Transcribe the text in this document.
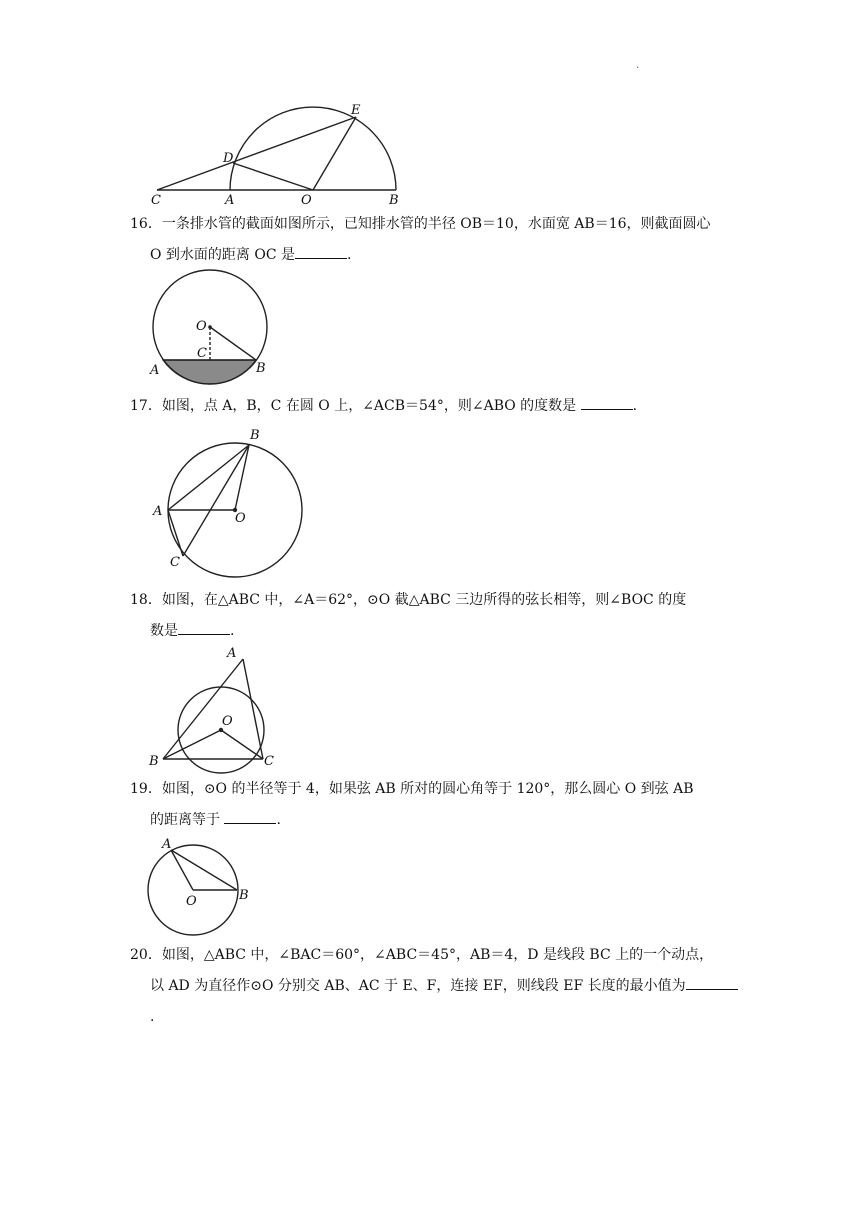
.
C	A	O	B
D
E
16．一条排水管的截面如图所示，已知排水管的半径 OB＝10，水面宽 AB＝16，则截面圆心
O 到水面的距离 OC 是	.
O
C
A	B
17．如图，点 A，B，C 在圆 O 上，∠ACB＝54°，则∠ABO 的度数是	.
A
B
C
O
18．如图，在△ABC 中，∠A＝62°，⊙O 截△ABC 三边所得的弦长相等，则∠BOC 的度
数是	.
A
B	C
O
19．如图，⊙O 的半径等于 4，如果弦 AB 所对的圆心角等于 120°，那么圆心 O 到弦 AB
的距离等于	.
A
B
O
20．如图，△ABC 中，∠BAC＝60°，∠ABC＝45°，AB＝4，D 是线段 BC 上的一个动点，
以 AD 为直径作⊙O 分别交 AB、AC 于 E、F，连接 EF，则线段 EF 长度的最小值为.
